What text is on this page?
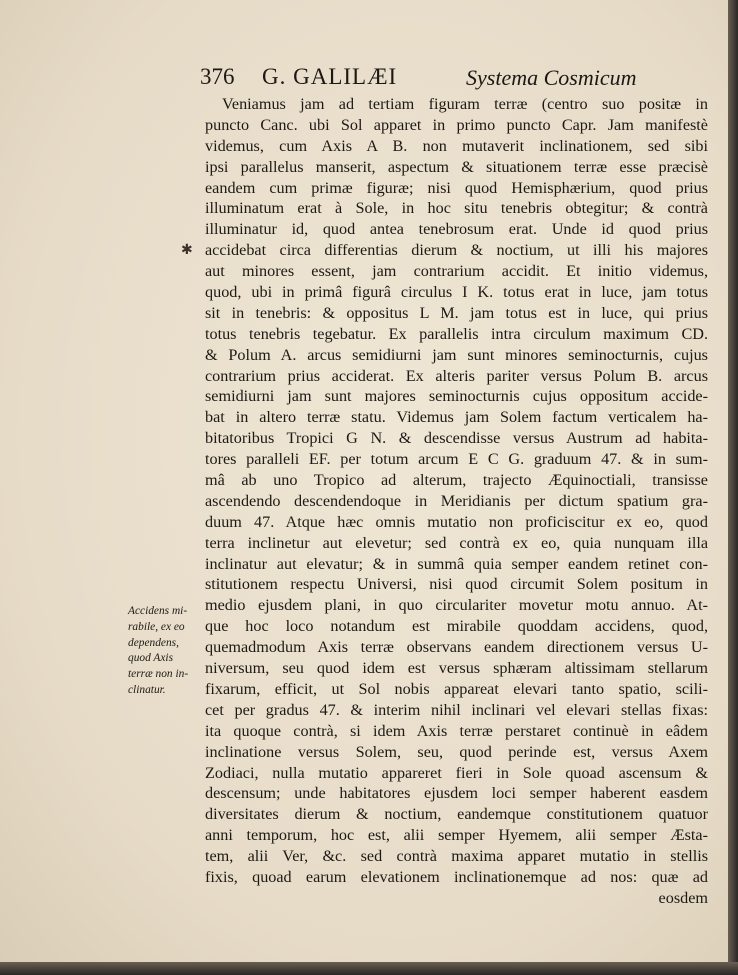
376 G. GALILÆI	Systema Cosmicum
✱
Accidens mi-
rabile, ex eo
dependens,
quod Axis
terræ non in-
clinatur.
Veniamus jam ad tertiam figuram terræ (centro suo positæ in
puncto Canc. ubi Sol apparet in primo puncto Capr. Jam manifestè
videmus, cum Axis A B. non mutaverit inclinationem, sed sibi
ipsi parallelus manserit, aspectum & situationem terræ esse præcisè
eandem cum primæ figuræ; nisi quod Hemisphærium, quod prius
illuminatum erat à Sole, in hoc situ tenebris obtegitur; & contrà
illuminatur id, quod antea tenebrosum erat. Unde id quod prius
accidebat circa differentias dierum & noctium, ut illi his majores
aut minores essent, jam contrarium accidit. Et initio videmus,
quod, ubi in primâ figurâ circulus I K. totus erat in luce, jam totus
sit in tenebris: & oppositus L M. jam totus est in luce, qui prius
totus tenebris tegebatur. Ex parallelis intra circulum maximum CD.
& Polum A. arcus semidiurni jam sunt minores seminocturnis, cujus
contrarium prius acciderat. Ex alteris pariter versus Polum B. arcus
semidiurni jam sunt majores seminocturnis cujus oppositum accide-
bat in altero terræ statu. Videmus jam Solem factum verticalem ha-
bitatoribus Tropici G N. & descendisse versus Austrum ad habita-
tores paralleli EF. per totum arcum E C G. graduum 47. & in sum-
mâ ab uno Tropico ad alterum, trajecto Æquinoctiali, transisse
ascendendo descendendoque in Meridianis per dictum spatium gra-
duum 47. Atque hæc omnis mutatio non proficiscitur ex eo, quod
terra inclinetur aut elevetur; sed contrà ex eo, quia nunquam illa
inclinatur aut elevatur; & in summâ quia semper eandem retinet con-
stitutionem respectu Universi, nisi quod circumit Solem positum in
medio ejusdem plani, in quo circulariter movetur motu annuo. At-
que hoc loco notandum est mirabile quoddam accidens, quod,
quemadmodum Axis terræ observans eandem directionem versus U-
niversum, seu quod idem est versus sphæram altissimam stellarum
fixarum, efficit, ut Sol nobis appareat elevari tanto spatio, scili-
cet per gradus 47. & interim nihil inclinari vel elevari stellas fixas:
ita quoque contrà, si idem Axis terræ perstaret continuè in eâdem
inclinatione versus Solem, seu, quod perinde est, versus Axem
Zodiaci, nulla mutatio appareret fieri in Sole quoad ascensum &
descensum; unde habitatores ejusdem loci semper haberent easdem
diversitates dierum & noctium, eandemque constitutionem quatuor
anni temporum, hoc est, alii semper Hyemem, alii semper Æsta-
tem, alii Ver, &c. sed contrà maxima apparet mutatio in stellis
fixis, quoad earum elevationem inclinationemque ad nos: quæ ad
eosdem
